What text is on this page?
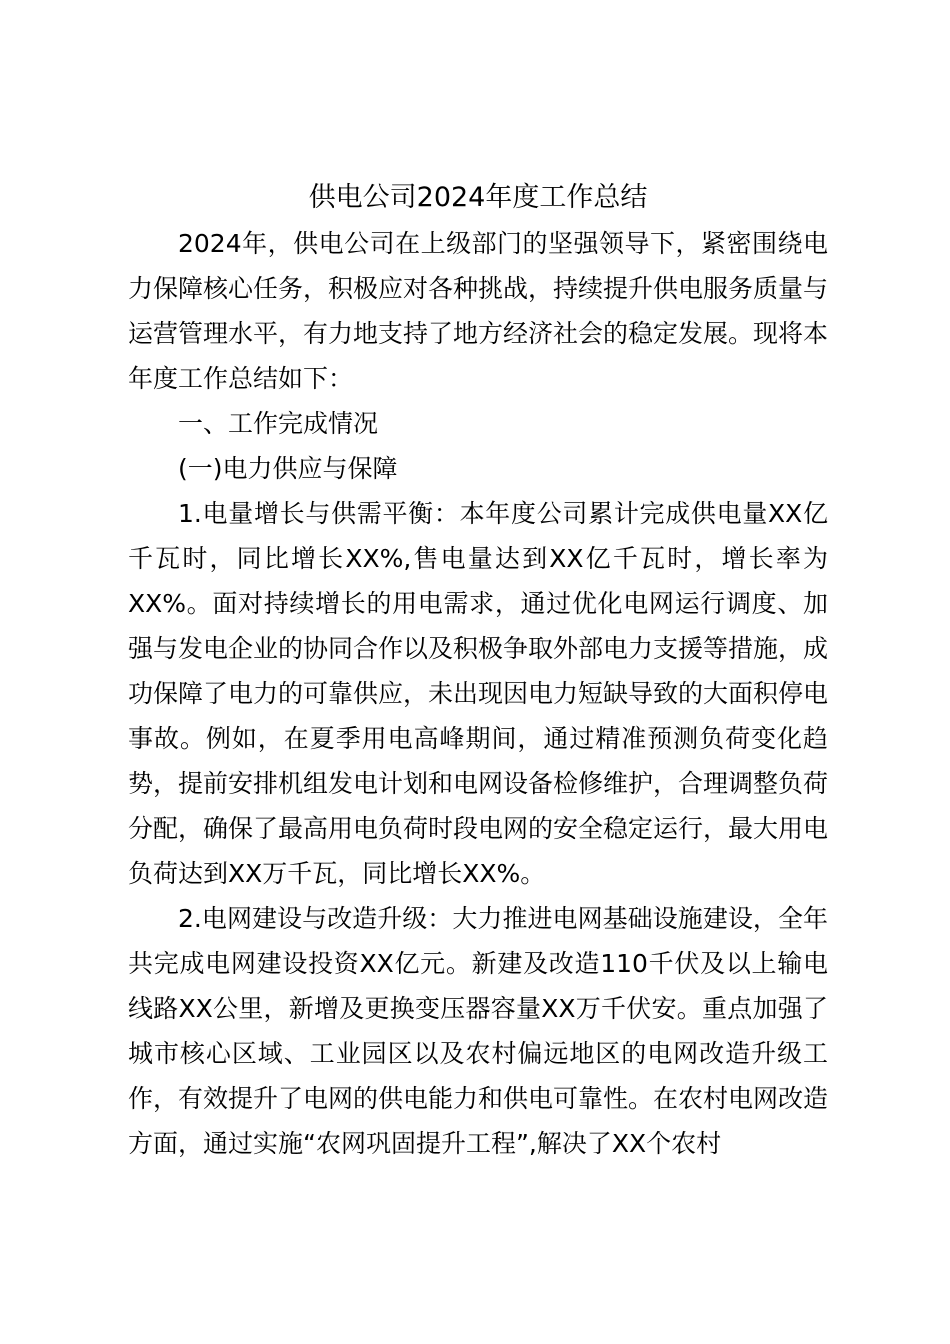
供电公司2024年度工作总结

2024年，供电公司在上级部门的坚强领导下，紧密围绕电力保障核心任务，积极应对各种挑战，持续提升供电服务质量与运营管理水平，有力地支持了地方经济社会的稳定发展。现将本年度工作总结如下：

一、工作完成情况

(一)电力供应与保障

1.电量增长与供需平衡：本年度公司累计完成供电量XX亿千瓦时，同比增长XX%,售电量达到XX亿千瓦时，增长率为XX%。面对持续增长的用电需求，通过优化电网运行调度、加强与发电企业的协同合作以及积极争取外部电力支援等措施，成功保障了电力的可靠供应，未出现因电力短缺导致的大面积停电事故。例如，在夏季用电高峰期间，通过精准预测负荷变化趋势，提前安排机组发电计划和电网设备检修维护，合理调整负荷分配，确保了最高用电负荷时段电网的安全稳定运行，最大用电负荷达到XX万千瓦，同比增长XX%。

2.电网建设与改造升级：大力推进电网基础设施建设，全年共完成电网建设投资XX亿元。新建及改造110千伏及以上输电线路XX公里，新增及更换变压器容量XX万千伏安。重点加强了城市核心区域、工业园区以及农村偏远地区的电网改造升级工作，有效提升了电网的供电能力和供电可靠性。在农村电网改造方面，通过实施“农网巩固提升工程”,解决了XX个农村
